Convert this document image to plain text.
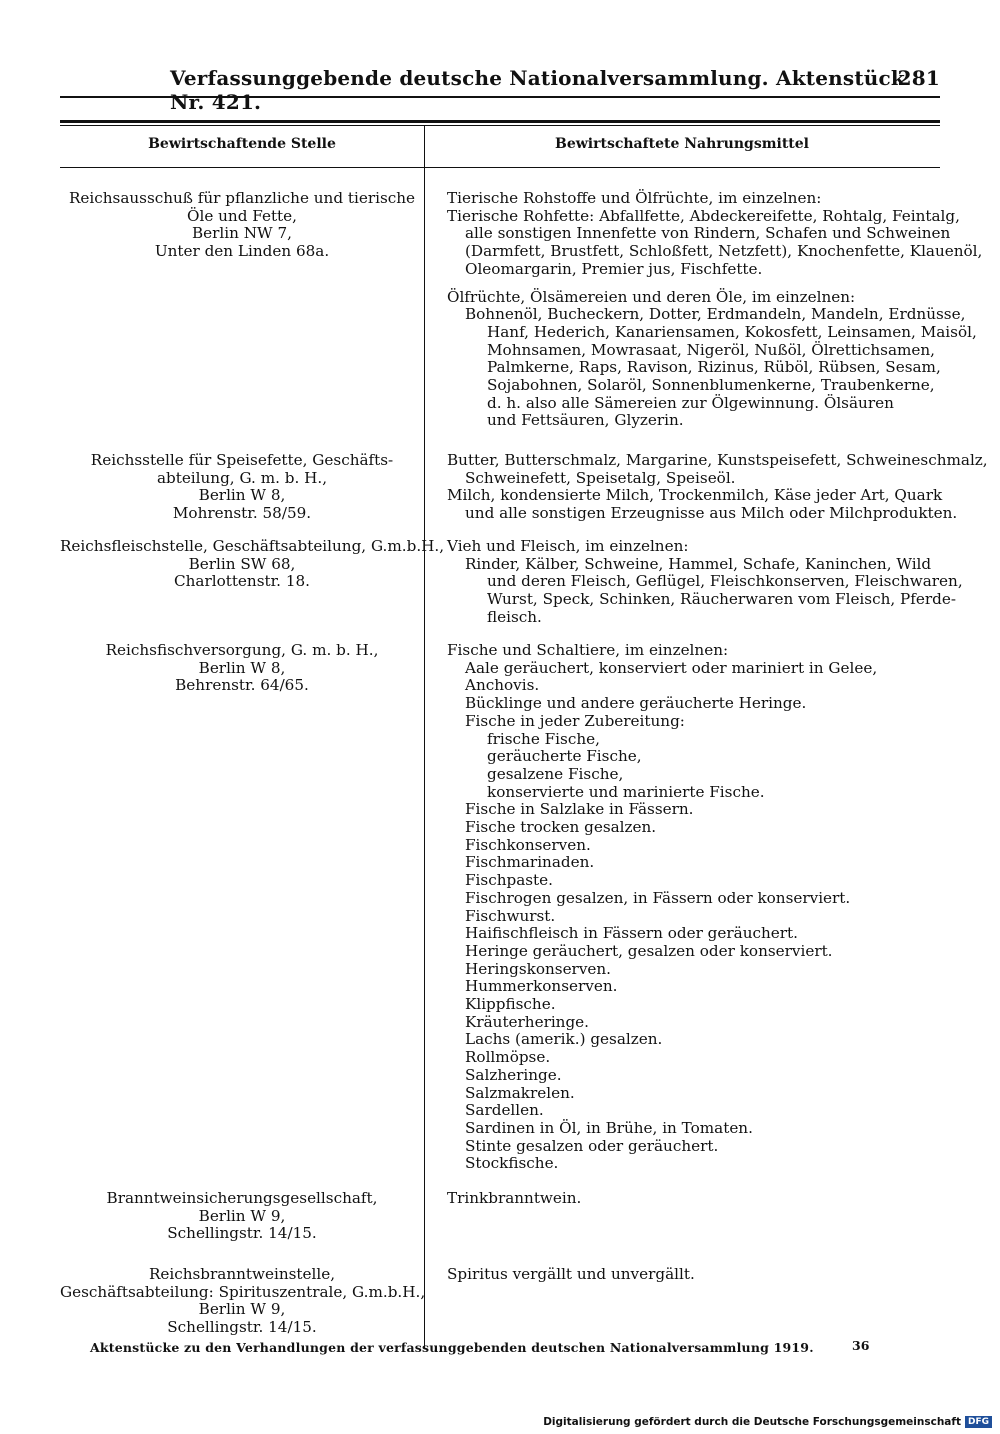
Verfassunggebende deutsche Nationalversammlung. Aktenstück Nr. 421.
281
Bewirtschaftende Stelle	Bewirtschaftete Nahrungsmittel
Reichsausschuß für pflanzliche und tierische
Öle und Fette,
Berlin NW 7,
Unter den Linden 68a.
Reichsstelle für Speisefette, Geschäfts-
abteilung, G. m. b. H.,
Berlin W 8,
Mohrenstr. 58/59.
Reichsfleischstelle, Geschäftsabteilung, G.m.b.H.,
Berlin SW 68,
Charlottenstr. 18.
Reichsfischversorgung, G. m. b. H.,
Berlin W 8,
Behrenstr. 64/65.
Branntweinsicherungsgesellschaft,
Berlin W 9,
Schellingstr. 14/15.
Reichsbranntweinstelle,
Geschäftsabteilung: Spirituszentrale, G.m.b.H.,
Berlin W 9,
Schellingstr. 14/15.
Tierische Rohstoffe und Ölfrüchte, im einzelnen:
Tierische Rohfette: Abfallfette, Abdeckereifette, Rohtalg, Feintalg,
alle sonstigen Innenfette von Rindern, Schafen und Schweinen
(Darmfett, Brustfett, Schloßfett, Netzfett), Knochenfette, Klauenöl,
Oleomargarin, Premier jus, Fischfette.
Ölfrüchte, Ölsämereien und deren Öle, im einzelnen:
Bohnenöl, Bucheckern, Dotter, Erdmandeln, Mandeln, Erdnüsse,
Hanf, Hederich, Kanariensamen, Kokosfett, Leinsamen, Maisöl,
Mohnsamen, Mowrasaat, Nigeröl, Nußöl, Ölrettichsamen,
Palmkerne, Raps, Ravison, Rizinus, Rüböl, Rübsen, Sesam,
Sojabohnen, Solaröl, Sonnenblumenkerne, Traubenkerne,
d. h. also alle Sämereien zur Ölgewinnung. Ölsäuren
und Fettsäuren, Glyzerin.
Butter, Butterschmalz, Margarine, Kunstspeisefett, Schweineschmalz,
Schweinefett, Speisetalg, Speiseöl.
Milch, kondensierte Milch, Trockenmilch, Käse jeder Art, Quark
und alle sonstigen Erzeugnisse aus Milch oder Milchprodukten.
Vieh und Fleisch, im einzelnen:
Rinder, Kälber, Schweine, Hammel, Schafe, Kaninchen, Wild
und deren Fleisch, Geflügel, Fleischkonserven, Fleischwaren,
Wurst, Speck, Schinken, Räucherwaren vom Fleisch, Pferde-
fleisch.
Fische und Schaltiere, im einzelnen:
Aale geräuchert, konserviert oder mariniert in Gelee,
Anchovis.
Bücklinge und andere geräucherte Heringe.
Fische in jeder Zubereitung:
frische Fische,
geräucherte Fische,
gesalzene Fische,
konservierte und marinierte Fische.
Fische in Salzlake in Fässern.
Fische trocken gesalzen.
Fischkonserven.
Fischmarinaden.
Fischpaste.
Fischrogen gesalzen, in Fässern oder konserviert.
Fischwurst.
Haifischfleisch in Fässern oder geräuchert.
Heringe geräuchert, gesalzen oder konserviert.
Heringskonserven.
Hummerkonserven.
Klippfische.
Kräuterheringe.
Lachs (amerik.) gesalzen.
Rollmöpse.
Salzheringe.
Salzmakrelen.
Sardellen.
Sardinen in Öl, in Brühe, in Tomaten.
Stinte gesalzen oder geräuchert.
Stockfische.
Trinkbranntwein.
Spiritus vergällt und unvergällt.
Aktenstücke zu den Verhandlungen der verfassunggebenden deutschen Nationalversammlung 1919.	36
Digitalisierung gefördert durch die Deutsche Forschungsgemeinschaft DFG
